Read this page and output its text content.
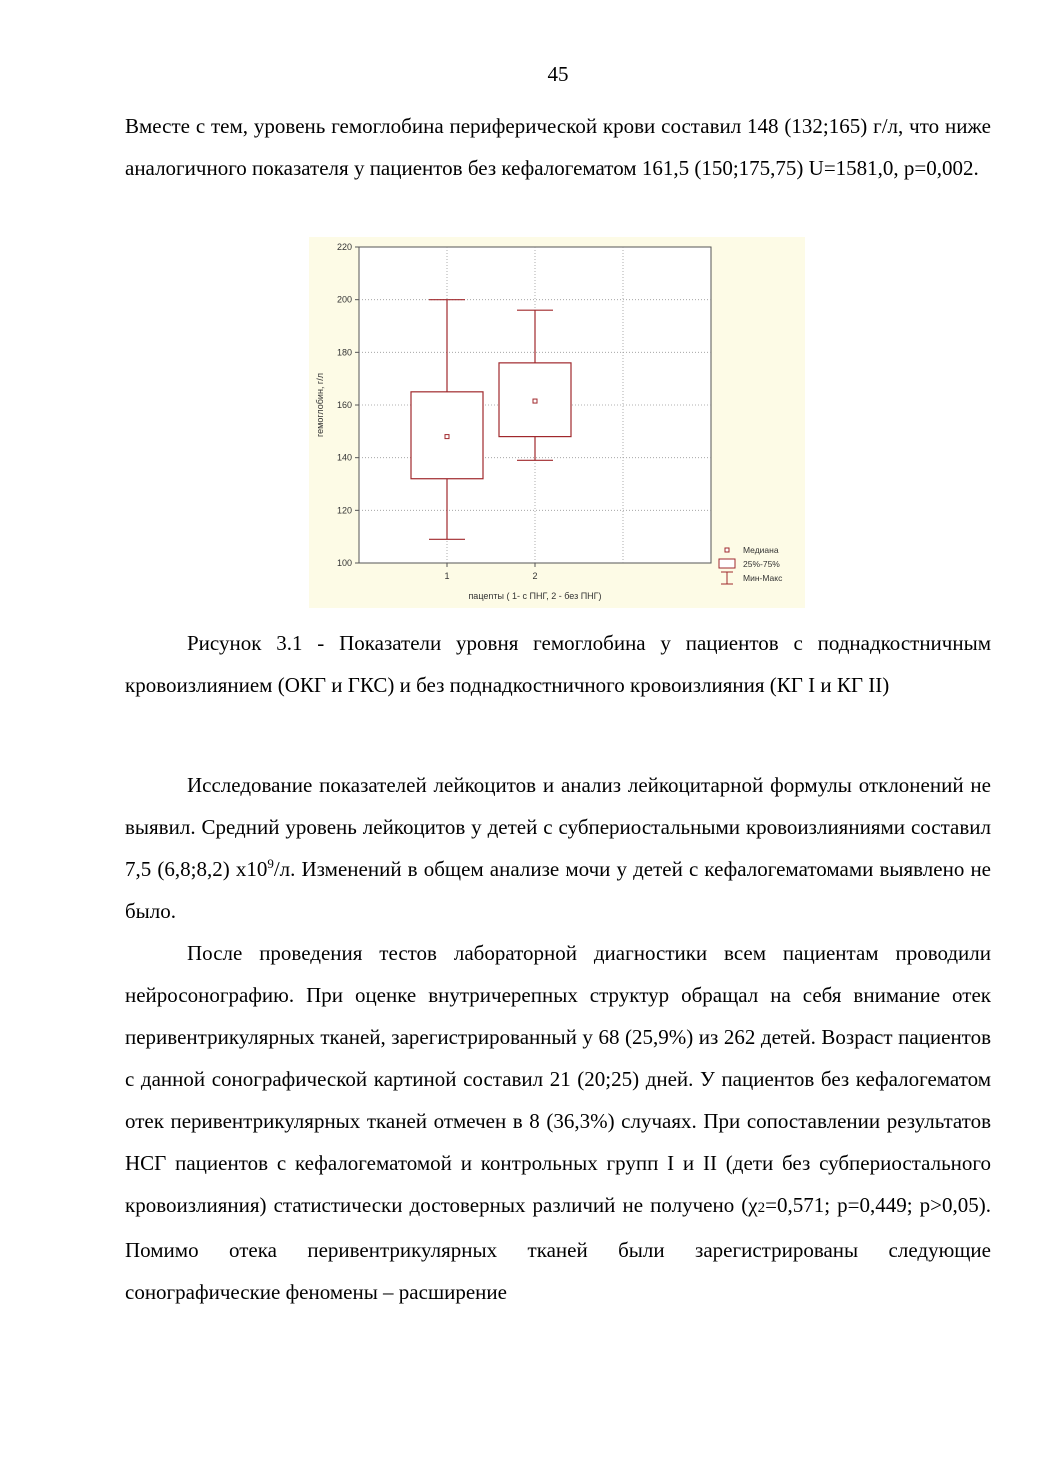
45

Вместе с тем, уровень гемоглобина периферической крови составил 148 (132;165) г/л, что ниже аналогичного показателя у пациентов без кефалогематом 161,5 (150;175,75) U=1581,0, p=0,002.

100
120
140
160
180
200
220
1	2
гемоглобин, г/л
пацеnты ( 1- с ПНГ, 2 - без ПНГ)
Медиана
25%-75%
Мин-Макс

Рисунок 3.1 - Показатели уровня гемоглобина у пациентов с поднадкостничным кровоизлиянием (ОКГ и ГКС) и без поднадкостничного кровоизлияния (КГ I и КГ II)

Исследование показателей лейкоцитов и анализ лейкоцитарной формулы отклонений не выявил. Средний уровень лейкоцитов у детей с субпериостальными кровоизлияниями составил 7,5 (6,8;8,2) $х10^9/л$. Изменений в общем анализе мочи у детей с кефалогематомами выявлено не было.

После проведения тестов лабораторной диагностики всем пациентам проводили нейросонографию. При оценке внутричерепных структур обращал на себя внимание отек перивентрикулярных тканей, зарегистрированный у 68 (25,9%) из 262 детей. Возраст пациентов с данной сонографической картиной составил 21 (20;25) дней. У пациентов без кефалогематом отек перивентрикулярных тканей отмечен в 8 (36,3%) случаях. При сопоставлении результатов НСГ пациентов с кефалогематомой и контрольных групп I и II (дети без субпериостального кровоизлияния) статистически достоверных различий не получено (χ2=0,571; p=0,449; p>0,05). Помимо отека перивентрикулярных тканей были зарегистрированы следующие сонографические феномены – расширение
